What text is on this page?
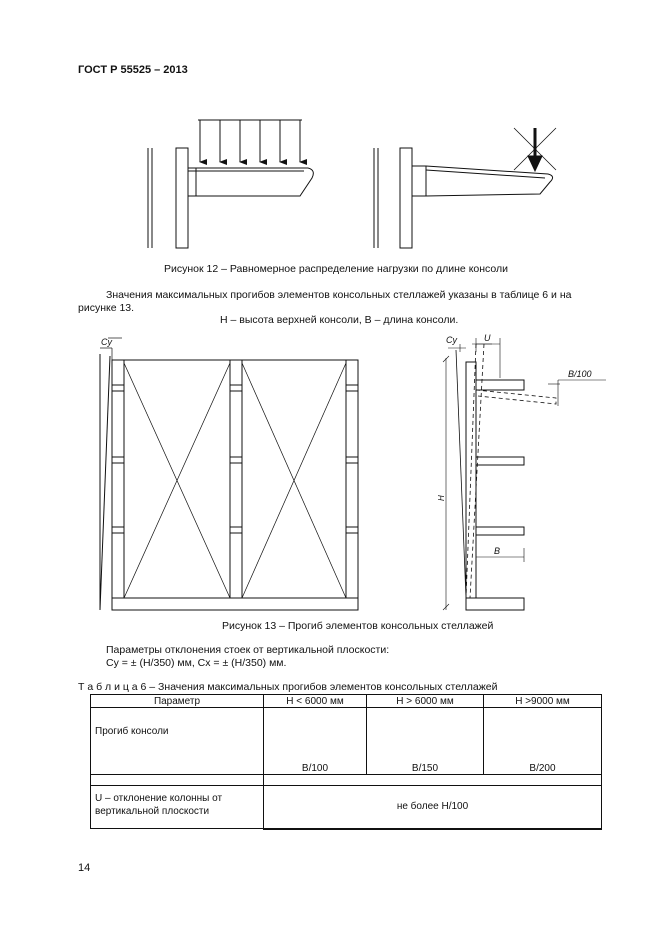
ГОСТ Р 55525 – 2013
Рисунок 12 – Равномерное распределение нагрузки по длине консоли
Значения максимальных прогибов элементов консольных стеллажей указаны в таблице 6 и на рисунке 13.
H – высота верхней консоли, B – длина консоли.
Cy	Cy	U
B/100
H
B
Рисунок 13 – Прогиб элементов консольных стеллажей
Параметры отклонения стоек от вертикальной плоскости:
Cy = ± (H/350) мм, Cx = ± (H/350) мм.
Т а б л и ц а 6 – Значения максимальных прогибов элементов консольных стеллажей
Параметр	H < 6000 мм	H > 6000 мм	H >9000 мм
Прогиб консоли	B/100	B/150	B/200

U – отклонение колонны от вертикальной плоскости	не более H/100		
14
